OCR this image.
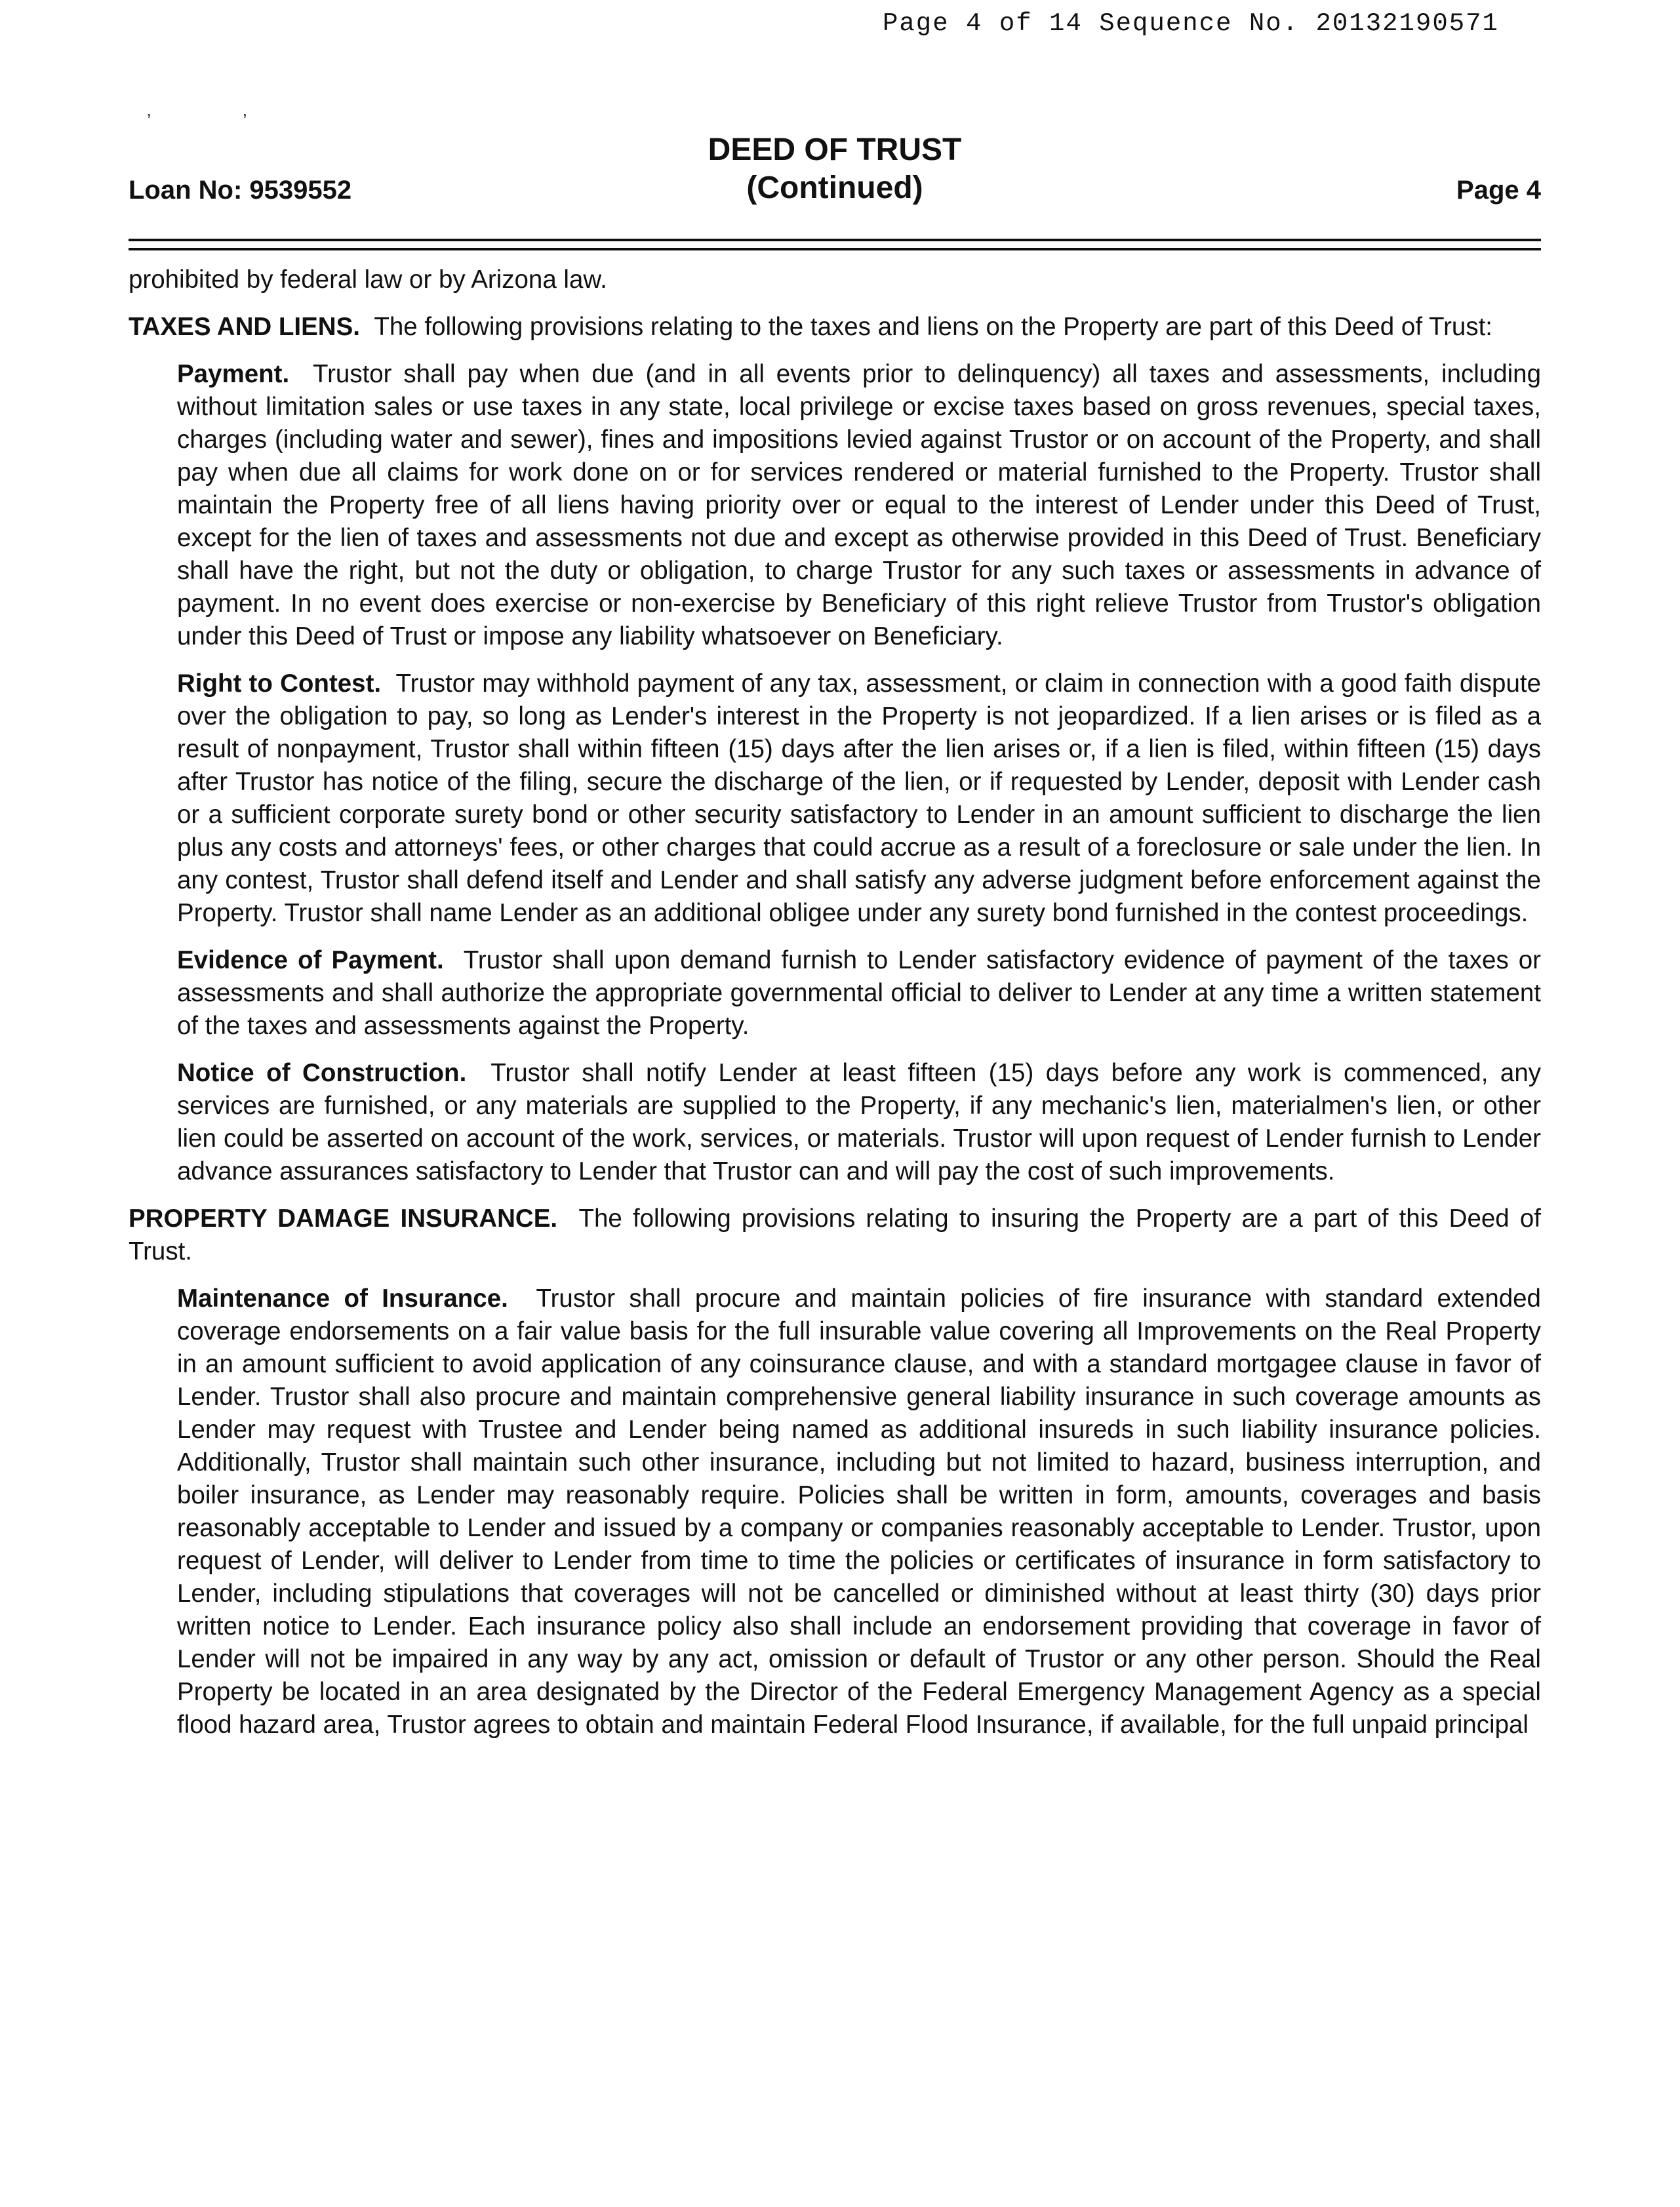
Page 4 of 14 Sequence No. 20132190571
’                  ’
Loan No: 9539552
DEED OF TRUST
(Continued)	Page 4

prohibited by federal law or by Arizona law.

TAXES AND LIENS. The following provisions relating to the taxes and liens on the Property are part of this Deed of Trust:

Payment. Trustor shall pay when due (and in all events prior to delinquency) all taxes and assessments, including without limitation sales or use taxes in any state, local privilege or excise taxes based on gross revenues, special taxes, charges (including water and sewer), fines and impositions levied against Trustor or on account of the Property, and shall pay when due all claims for work done on or for services rendered or material furnished to the Property. Trustor shall maintain the Property free of all liens having priority over or equal to the interest of Lender under this Deed of Trust, except for the lien of taxes and assessments not due and except as otherwise provided in this Deed of Trust. Beneficiary shall have the right, but not the duty or obligation, to charge Trustor for any such taxes or assessments in advance of payment. In no event does exercise or non-exercise by Beneficiary of this right relieve Trustor from Trustor's obligation under this Deed of Trust or impose any liability whatsoever on Beneficiary.

Right to Contest. Trustor may withhold payment of any tax, assessment, or claim in connection with a good faith dispute over the obligation to pay, so long as Lender's interest in the Property is not jeopardized. If a lien arises or is filed as a result of nonpayment, Trustor shall within fifteen (15) days after the lien arises or, if a lien is filed, within fifteen (15) days after Trustor has notice of the filing, secure the discharge of the lien, or if requested by Lender, deposit with Lender cash or a sufficient corporate surety bond or other security satisfactory to Lender in an amount sufficient to discharge the lien plus any costs and attorneys' fees, or other charges that could accrue as a result of a foreclosure or sale under the lien. In any contest, Trustor shall defend itself and Lender and shall satisfy any adverse judgment before enforcement against the Property. Trustor shall name Lender as an additional obligee under any surety bond furnished in the contest proceedings.

Evidence of Payment. Trustor shall upon demand furnish to Lender satisfactory evidence of payment of the taxes or assessments and shall authorize the appropriate governmental official to deliver to Lender at any time a written statement of the taxes and assessments against the Property.

Notice of Construction. Trustor shall notify Lender at least fifteen (15) days before any work is commenced, any services are furnished, or any materials are supplied to the Property, if any mechanic's lien, materialmen's lien, or other lien could be asserted on account of the work, services, or materials. Trustor will upon request of Lender furnish to Lender advance assurances satisfactory to Lender that Trustor can and will pay the cost of such improvements.

PROPERTY DAMAGE INSURANCE. The following provisions relating to insuring the Property are a part of this Deed of Trust.

Maintenance of Insurance. Trustor shall procure and maintain policies of fire insurance with standard extended coverage endorsements on a fair value basis for the full insurable value covering all Improvements on the Real Property in an amount sufficient to avoid application of any coinsurance clause, and with a standard mortgagee clause in favor of Lender. Trustor shall also procure and maintain comprehensive general liability insurance in such coverage amounts as Lender may request with Trustee and Lender being named as additional insureds in such liability insurance policies. Additionally, Trustor shall maintain such other insurance, including but not limited to hazard, business interruption, and boiler insurance, as Lender may reasonably require. Policies shall be written in form, amounts, coverages and basis reasonably acceptable to Lender and issued by a company or companies reasonably acceptable to Lender. Trustor, upon request of Lender, will deliver to Lender from time to time the policies or certificates of insurance in form satisfactory to Lender, including stipulations that coverages will not be cancelled or diminished without at least thirty (30) days prior written notice to Lender. Each insurance policy also shall include an endorsement providing that coverage in favor of Lender will not be impaired in any way by any act, omission or default of Trustor or any other person. Should the Real Property be located in an area designated by the Director of the Federal Emergency Management Agency as a special flood hazard area, Trustor agrees to obtain and maintain Federal Flood Insurance, if available, for the full unpaid principal
